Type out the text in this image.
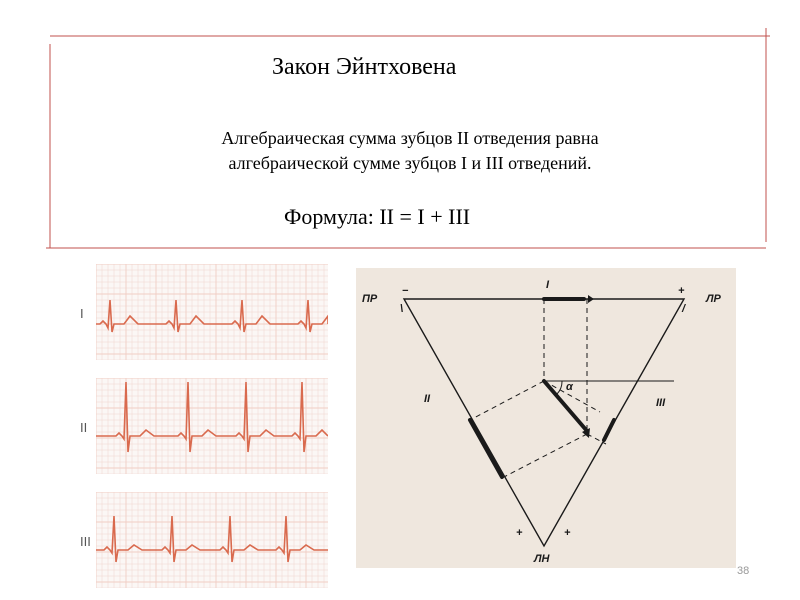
Закон Эйнтховена
Алгебраическая сумма зубцов II отведения равна
алгебраической сумме зубцов I и III отведений.
Формула: II = I + III
I
II
III
ПР	ЛР
ЛН
I
II	III
α
−	+
+	+
\	/
38
